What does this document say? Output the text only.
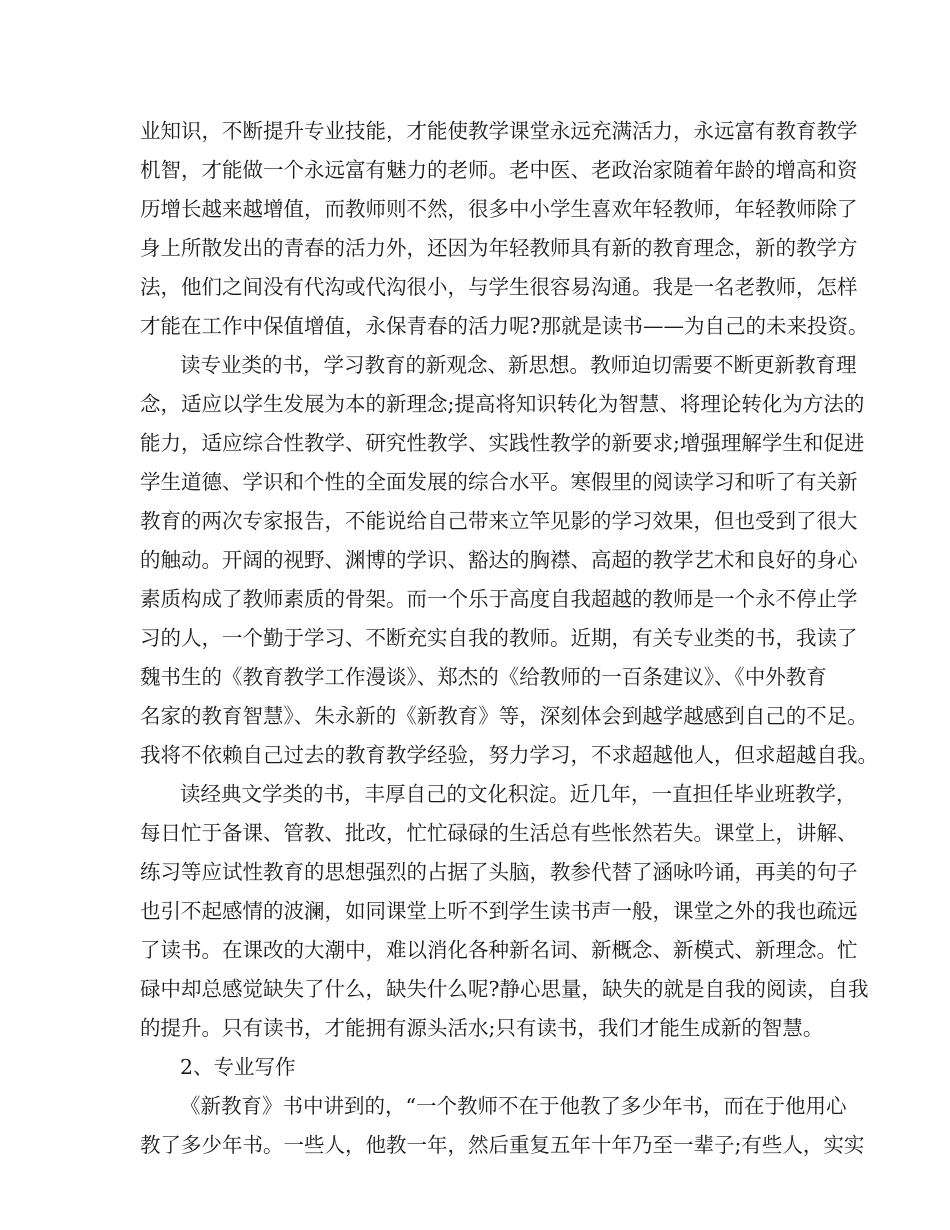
业知识，不断提升专业技能，才能使教学课堂永远充满活力，永远富有教育教学
机智，才能做一个永远富有魅力的老师。老中医、老政治家随着年龄的增高和资
历增长越来越增值，而教师则不然，很多中小学生喜欢年轻教师，年轻教师除了
身上所散发出的青春的活力外，还因为年轻教师具有新的教育理念，新的教学方
法，他们之间没有代沟或代沟很小，与学生很容易沟通。我是一名老教师，怎样
才能在工作中保值增值，永保青春的活力呢?那就是读书——为自己的未来投资。
读专业类的书，学习教育的新观念、新思想。教师迫切需要不断更新教育理
念，适应以学生发展为本的新理念;提高将知识转化为智慧、将理论转化为方法的
能力，适应综合性教学、研究性教学、实践性教学的新要求;增强理解学生和促进
学生道德、学识和个性的全面发展的综合水平。寒假里的阅读学习和听了有关新
教育的两次专家报告，不能说给自己带来立竿见影的学习效果，但也受到了很大
的触动。开阔的视野、渊博的学识、豁达的胸襟、高超的教学艺术和良好的身心
素质构成了教师素质的骨架。而一个乐于高度自我超越的教师是一个永不停止学
习的人，一个勤于学习、不断充实自我的教师。近期，有关专业类的书，我读了
魏书生的《教育教学工作漫谈》、郑杰的《给教师的一百条建议》、《中外教育
名家的教育智慧》、朱永新的《新教育》等，深刻体会到越学越感到自己的不足。
我将不依赖自己过去的教育教学经验，努力学习，不求超越他人，但求超越自我。
读经典文学类的书，丰厚自己的文化积淀。近几年，一直担任毕业班教学，
每日忙于备课、管教、批改，忙忙碌碌的生活总有些怅然若失。课堂上，讲解、
练习等应试性教育的思想强烈的占据了头脑，教参代替了涵咏吟诵，再美的句子
也引不起感情的波澜，如同课堂上听不到学生读书声一般，课堂之外的我也疏远
了读书。在课改的大潮中，难以消化各种新名词、新概念、新模式、新理念。忙
碌中却总感觉缺失了什么，缺失什么呢?静心思量，缺失的就是自我的阅读，自我
的提升。只有读书，才能拥有源头活水;只有读书，我们才能生成新的智慧。
2、专业写作
《新教育》书中讲到的，“一个教师不在于他教了多少年书，而在于他用心
教了多少年书。一些人，他教一年，然后重复五年十年乃至一辈子;有些人，实实
